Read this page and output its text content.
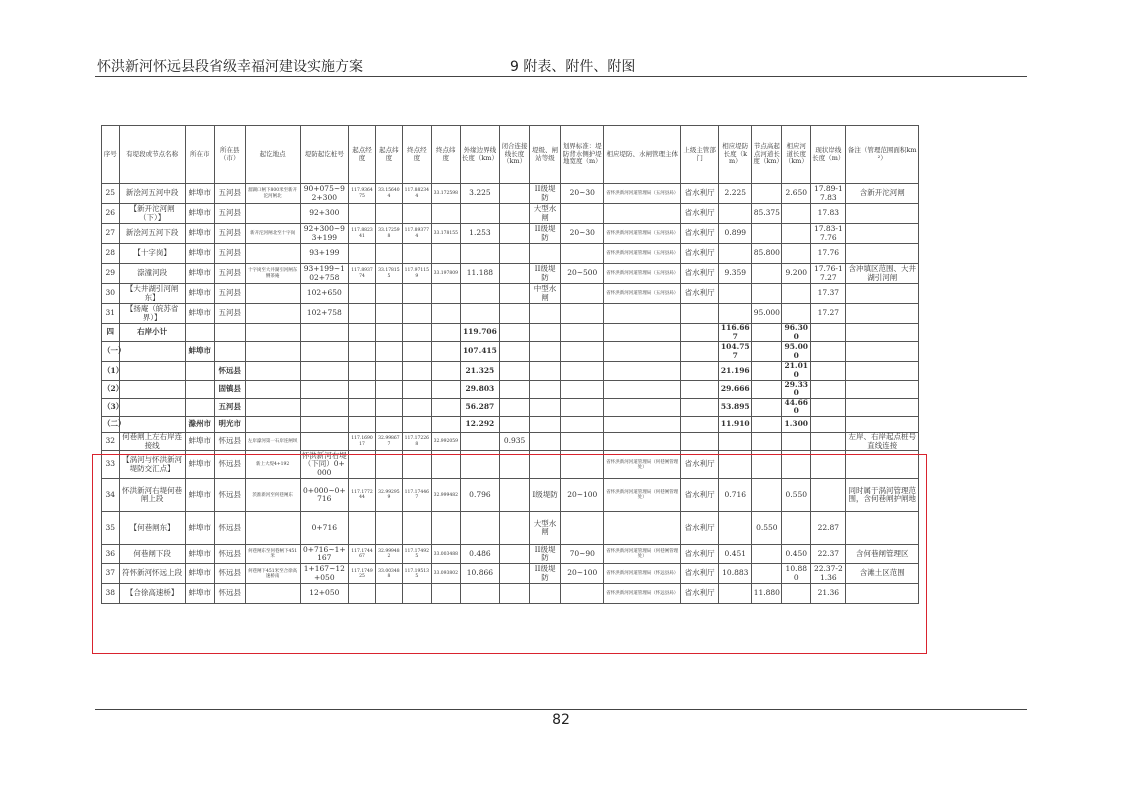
怀洪新河怀远县段省级幸福河建设实施方案	9 附表、附件、附图
序号	有堤段或节点名称	所在市	所在县（市）	起讫地点	堤防起讫桩号	起点经度	起点纬度	终点经度	终点纬度	外缘边界线长度（km）	闭合连接线长度（km）	堤级、闸站等级	划界标准：堤防背水侧护堤地宽度（m）	相应堤防、水闸管理主体	上级主管部门	相应堤防长度（km）	节点高起点河道长度（km）	相应河道长度（km）	现状岸线长度（m）	备注（管理范围面积km²）
25	新浍河五河中段	蚌埠市	五河县	溜湖口闸下800米至新开沱河闸北	90+075~92+300	117.936475	33.156404	117.882344	33.172598	3.225		II级堤防	20~30	省怀洪新河河道管理局（五河县局）	省水利厅	2.225		2.650	17.89-17.83	含新开沱河闸
26	【新开沱河闸（下）】	蚌埠市	五河县		92+300							大型水闸			省水利厅		85.375		17.83	
27	新浍河五河下段	蚌埠市	五河县	新开沱河闸北至十字岗	92+300~93+199	117.882341	33.172598	117.893774	33.178155	1.253		II级堤防	20~30	省怀洪新河河道管理局（五河县局）	省水利厅	0.899			17.83-17.76	
28	【十字岗】	蚌埠市	五河县		93+199									省怀洪新河河道管理局（五河县局）	省水利厅		85.800		17.76	
29	漴潼河段	蚌埠市	五河县	十字岗至大井湖引河闸东侧茶庵	93+199~102+758	117.893774	33.178155	117.971159	33.197809	11.188		II级堤防	20~500	省怀洪新河河道管理局（五河县局）	省水利厅	9.359		9.200	17.76-17.27	含冲填区范围、大井湖引河闸
30	【大井湖引河闸东】	蚌埠市	五河县		102+650							中型水闸		省怀洪新河河道管理局（五河县局）	省水利厅				17.37	
31	【扬庵（皖苏省界）】	蚌埠市	五河县		102+758												95.000		17.27	
四	右岸小计									119.706						116.667		96.300		
（一）		蚌埠市								107.415						104.757		95.000		
（1）			怀远县							21.325						21.196		21.010		
（2）			固镇县							29.803						29.666		29.330		
（3）			五河县							56.287						53.895		44.660		
（二）		滁州市	明光市							12.292						11.910		1.300		
32	何巷闸上左右岸连接线	蚌埠市	怀远县	左岸濠河第一石岸连闸坝		117.169017	32.998677	117.172268	32.992059		0.935									左岸、右岸起点桩号直线连接
33	【涡河与怀洪新河堤防交汇点】	蚌埠市	怀远县	新上大堤4+192	怀洪新河右堤（下同）0+000									省怀洪新河河道管理局（何巷闸管理处）	省水利厅					
34	怀洪新河右堤何巷闸上段	蚌埠市	怀远县	茨淮新河至何巷闸东	0+000~0+716	117.177244	32.992959	117.174467	32.999482	0.796		I级堤防	20~100	省怀洪新河河道管理局（何巷闸管理处）	省水利厅	0.716		0.550		同时属于涡河管理范围，含何巷闸护闸地
35	【何巷闸东】	蚌埠市	怀远县		0+716							大型水闸			省水利厅		0.550		22.87	
36	何巷闸下段	蚌埠市	怀远县	何巷闸东至何巷闸下451米	0+716~1+167	117.174467	32.999482	117.174925	33.003488	0.486		II级堤防	70~90	省怀洪新河河道管理局（何巷闸管理处）	省水利厅	0.451		0.450	22.37	含何巷闸管理区
37	符怀新河怀远上段	蚌埠市	怀远县	何巷闸下451米至合徐高速桥南	1+167~12+050	117.174925	33.003488	117.195135	33.093802	10.866		II级堤防	20~100	省怀洪新河河道管理局（怀远县局）	省水利厅	10.883		10.880	22.37-21.36	含滩土区范围
38	【合徐高速桥】	蚌埠市	怀远县		12+050									省怀洪新河河道管理局（怀远县局）	省水利厅		11.880		21.36	
82
